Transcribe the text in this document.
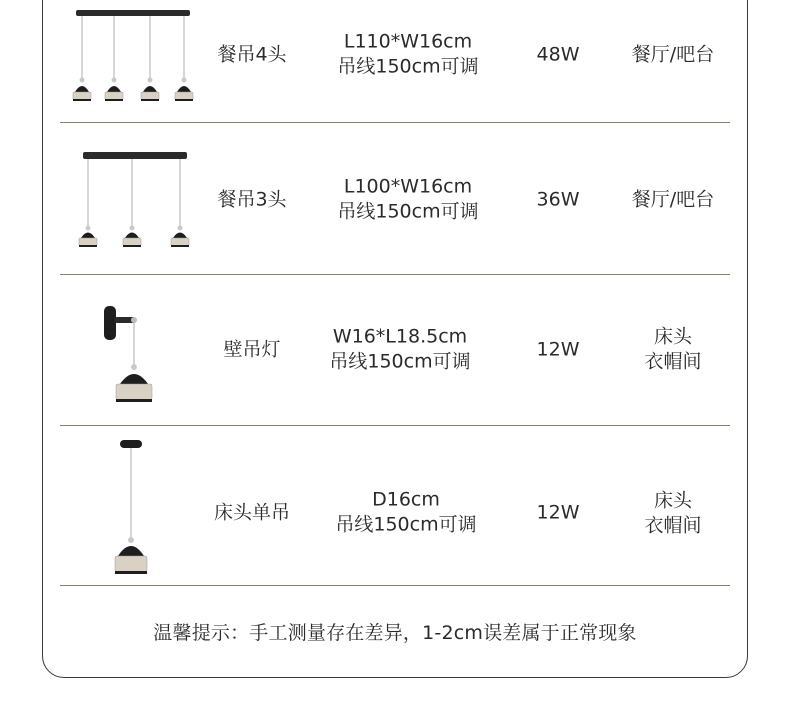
餐吊4头
L110*W16cm
吊线150cm可调
48W	餐厅/吧台
餐吊3头
L100*W16cm
吊线150cm可调
36W	餐厅/吧台
壁吊灯
W16*L18.5cm
吊线150cm可调
12W
床头
衣帽间
床头单吊
D16cm
吊线150cm可调
12W
床头
衣帽间
温馨提示：手工测量存在差异，1-2cm误差属于正常现象
